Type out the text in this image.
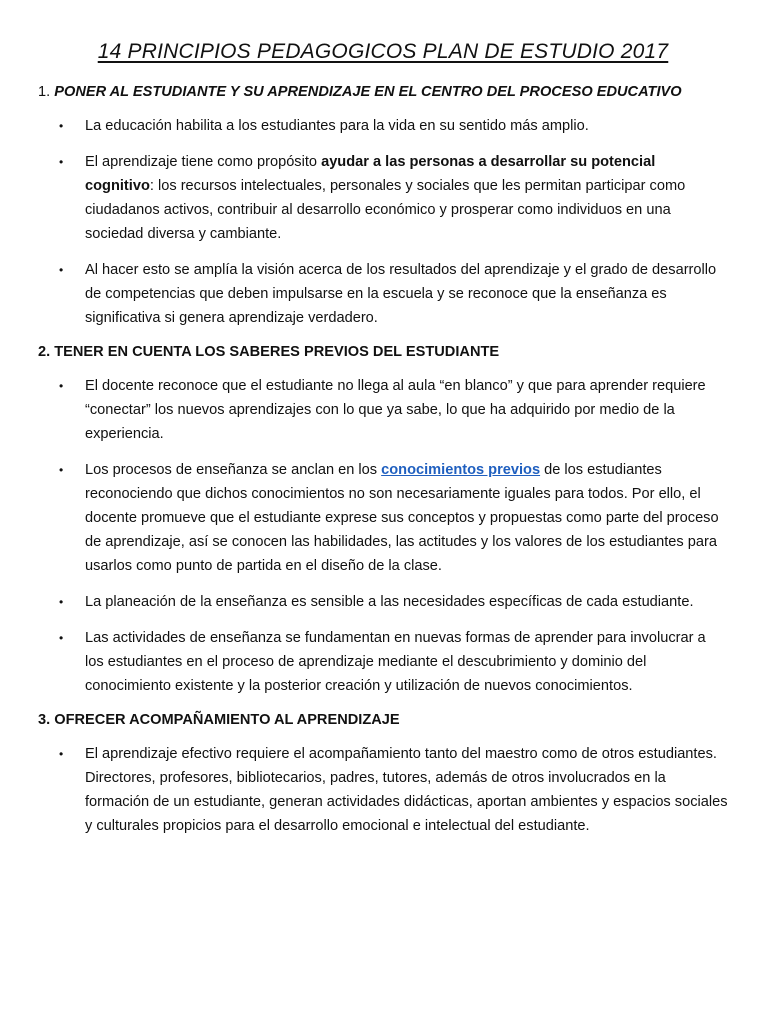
14 PRINCIPIOS PEDAGOGICOS PLAN DE ESTUDIO 2017
1. PONER AL ESTUDIANTE Y SU APRENDIZAJE EN EL CENTRO DEL PROCESO EDUCATIVO
• La educación habilita a los estudiantes para la vida en su sentido más amplio.
• El aprendizaje tiene como propósito ayudar a las personas a desarrollar su potencial cognitivo: los recursos intelectuales, personales y sociales que les permitan participar como ciudadanos activos, contribuir al desarrollo económico y prosperar como individuos en una sociedad diversa y cambiante.
• Al hacer esto se amplía la visión acerca de los resultados del aprendizaje y el grado de desarrollo de competencias que deben impulsarse en la escuela y se reconoce que la enseñanza es significativa si genera aprendizaje verdadero.
2. TENER EN CUENTA LOS SABERES PREVIOS DEL ESTUDIANTE
• El docente reconoce que el estudiante no llega al aula “en blanco” y que para aprender requiere “conectar” los nuevos aprendizajes con lo que ya sabe, lo que ha adquirido por medio de la experiencia.
• Los procesos de enseñanza se anclan en los conocimientos previos de los estudiantes reconociendo que dichos conocimientos no son necesariamente iguales para todos. Por ello, el docente promueve que el estudiante exprese sus conceptos y propuestas como parte del proceso de aprendizaje, así se conocen las habilidades, las actitudes y los valores de los estudiantes para usarlos como punto de partida en el diseño de la clase.
• La planeación de la enseñanza es sensible a las necesidades específicas de cada estudiante.
• Las actividades de enseñanza se fundamentan en nuevas formas de aprender para involucrar a los estudiantes en el proceso de aprendizaje mediante el descubrimiento y dominio del conocimiento existente y la posterior creación y utilización de nuevos conocimientos.
3. OFRECER ACOMPAÑAMIENTO AL APRENDIZAJE
• El aprendizaje efectivo requiere el acompañamiento tanto del maestro como de otros estudiantes. Directores, profesores, bibliotecarios, padres, tutores, además de otros involucrados en la formación de un estudiante, generan actividades didácticas, aportan ambientes y espacios sociales y culturales propicios para el desarrollo emocional e intelectual del estudiante.
